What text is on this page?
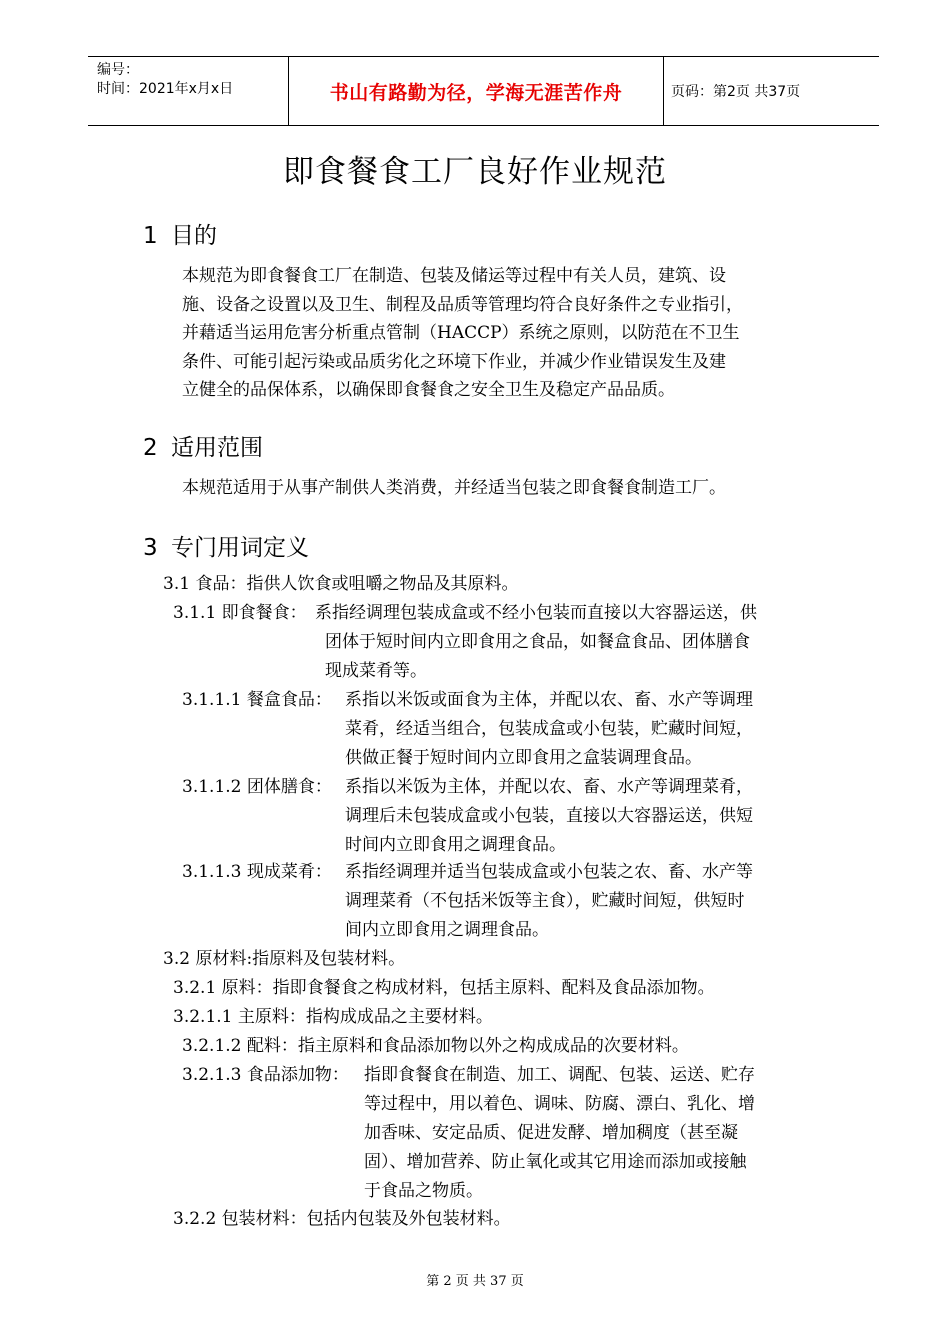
编号：
时间：2021年x月x日	书山有路勤为径，学海无涯苦作舟	页码：第2页 共37页
即食餐食工厂良好作业规范
1 目的
本规范为即食餐食工厂在制造、包装及储运等过程中有关人员，建筑、设
施、设备之设置以及卫生、制程及品质等管理均符合良好条件之专业指引，
并藉适当运用危害分析重点管制（HACCP）系统之原则，以防范在不卫生
条件、可能引起污染或品质劣化之环境下作业，并减少作业错误发生及建
立健全的品保体系，以确保即食餐食之安全卫生及稳定产品品质。
2 适用范围
本规范适用于从事产制供人类消费，并经适当包装之即食餐食制造工厂。
3 专门用词定义
3.1 食品：指供人饮食或咀嚼之物品及其原料。
3.1.1 即食餐食： 系指经调理包装成盒或不经小包装而直接以大容器运送，供
团体于短时间内立即食用之食品，如餐盒食品、团体膳食
现成菜肴等。
3.1.1.1 餐盒食品： 系指以米饭或面食为主体，并配以农、畜、水产等调理
菜肴，经适当组合，包装成盒或小包装，贮藏时间短，
供做正餐于短时间内立即食用之盒装调理食品。
3.1.1.2 团体膳食： 系指以米饭为主体，并配以农、畜、水产等调理菜肴，
调理后未包装成盒或小包装，直接以大容器运送，供短
时间内立即食用之调理食品。
3.1.1.3 现成菜肴： 系指经调理并适当包装成盒或小包装之农、畜、水产等
调理菜肴（不包括米饭等主食），贮藏时间短，供短时
间内立即食用之调理食品。
3.2 原材料:指原料及包装材料。
3.2.1 原料：指即食餐食之构成材料，包括主原料、配料及食品添加物。
3.2.1.1 主原料：指构成成品之主要材料。
3.2.1.2 配料：指主原料和食品添加物以外之构成成品的次要材料。
3.2.1.3 食品添加物： 指即食餐食在制造、加工、调配、包装、运送、贮存
等过程中，用以着色、调味、防腐、漂白、乳化、增
加香味、安定品质、促进发酵、增加稠度（甚至凝
固）、增加营养、防止氧化或其它用途而添加或接触
于食品之物质。
3.2.2 包装材料：包括内包装及外包装材料。
第 2 页 共 37 页
